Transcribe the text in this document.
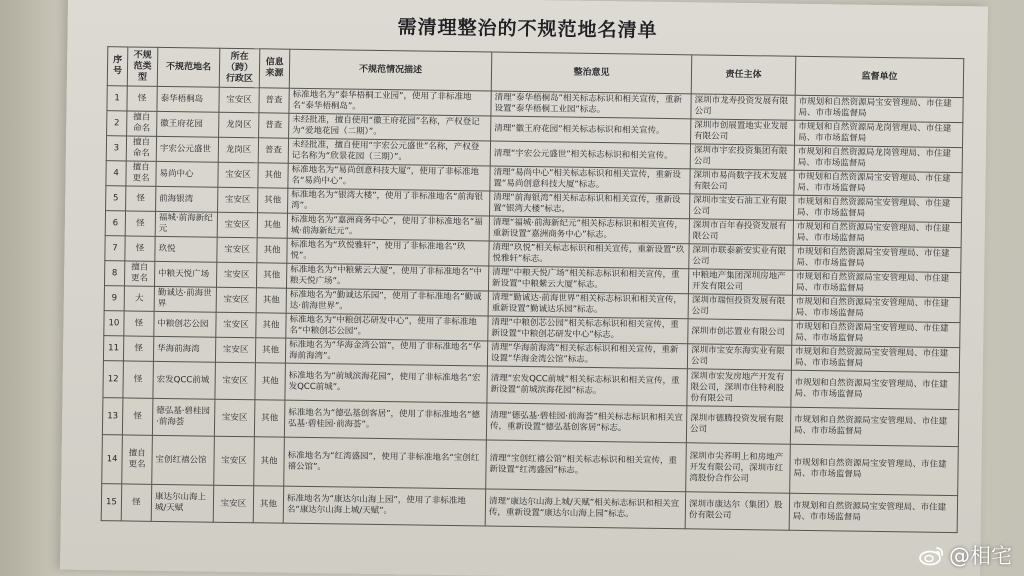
需清理整治的不规范地名清单
序号	不规范类型	不规范地名	所在（跨）行政区	信息来源	不规范情况描述	整治意见	责任主体	监督单位
1	怪	泰华梧桐岛	宝安区	普查	标准地名为“泰华梧桐工业园”，使用了非标准地名“泰华梧桐岛”。	清理“泰华梧桐岛”相关标志标识和相关宣传，重新设置“泰华梧桐工业园”标志。	深圳市龙寿投资发展有限公司	市规划和自然资源局宝安管理局、市住建局、市市场监督局
2	擅自命名	徽王府花园	龙岗区	普查	未经批准，擅自使用“徽王府花园”名称，产权登记为“爱地花园（二期）”。	清理“徽王府花园”相关标志标识和相关宣传。	深圳市创展置地实业发展有限公司	市规划和自然资源局龙岗管理局、市住建局、市市场监督局
3	擅自命名	宇宏公元盛世	龙岗区	普查	未经批准，擅自使用“宇宏公元盛世”名称，产权登记名称为“欣景花园（三期）”。	清理“宇宏公元盛世”相关标志标识和相关宣传。	深圳市宇宏投资集团有限公司	市规划和自然资源局龙岗管理局、市住建局、市市场监督局
4	擅自更名	易尚中心	宝安区	其他	标准地名为“易尚创意科技大厦”，使用了非标准地名“易尚中心”。	清理“易尚中心”相关标志标识和相关宣传，重新设置“易尚创意科技大厦”标志。	深圳市易尚数字技术发展有限公司	市规划和自然资源局宝安管理局、市住建局、市市场监督局
5	怪	前海银湾	宝安区	其他	标准地名为“银湾大楼”，使用了非标准地名“前海银湾”。	清理“前海银湾”相关标志标识和相关宣传，重新设置“银湾大楼”标志。	深圳市宝安石油工业有限公司	市规划和自然资源局宝安管理局、市住建局、市市场监督局
6	怪	福城·前海新纪元	宝安区	其他	标准地名为“嘉洲商务中心”，使用了非标准地名“福城·前海新纪元”。	清理“福城·前海新纪元”相关标志标识和相关宣传，重新设置“嘉洲商务中心”标志。	深圳市百年春投资发展有限公司	市规划和自然资源局宝安管理局、市住建局、市市场监督局
7	怪	玖悦	宝安区	其他	标准地名为“玖悦雅轩”，使用了非标准地名“玖悦”。	清理“玖悦”相关标志标识和相关宣传，重新设置“玖悦雅轩”标志。	深圳市联泰新安实业有限公司	市规划和自然资源局宝安管理局、市住建局、市市场监督局
8	擅自更名	中粮天悦广场	宝安区	其他	标准地名为“中粮紫云大厦”，使用了非标准地名“中粮天悦广场”。	清理“中粮天悦广场”相关标志标识和相关宣传，重新设置“中粮紫云大厦”标志。	中粮地产集团深圳房地产开发有限公司	市规划和自然资源局宝安管理局、市住建局、市市场监督局
9	大	勤诚达·前海世界	宝安区	其他	标准地名为“勤诚达乐园”，使用了非标准地名“勤诚达·前海世界”。	清理“勤诚达·前海世界”相关标志标识和相关宣传，重新设置“勤诚达乐园”标志。	深圳市瑞恒投资发展有限公司	市规划和自然资源局宝安管理局、市住建局、市市场监督局
10	怪	中粮创芯公园	宝安区	其他	标准地名为“中粮创芯研发中心”，使用了非标准地名“中粮创芯公园”。	清理“中粮创芯公园”相关标志标识和相关宣传，重新设置“中粮创芯研发中心”标志。	深圳市创芯置业有限公司	市规划和自然资源局宝安管理局、市住建局、市市场监督局
11	怪	华海前海湾	宝安区	其他	标准地名为“华海金湾公馆”，使用了非标准地名“华海前海湾”。	清理“华海前海湾”相关标志标识和相关宣传，重新设置“华海金湾公馆”标志。	深圳市宝安东海实业有限公司	市规划和自然资源局宝安管理局、市住建局、市市场监督局
12	怪	宏发QCC前城	宝安区	其他	标准地名为“前城滨海花园”，使用了非标准地名“宏发QCC前城”。	清理“宏发QCC前城”相关标志标识和相关宣传，重新设置“前城滨海花园”标志。	深圳市宏发房地产开发有限公司，深圳市住特利股份有限公司	市规划和自然资源局宝安管理局、市住建局、市市场监督局
13	怪	德弘基·碧桂园·前海荟	宝安区	其他	标准地名为“德弘基创客居”，使用了非标准地名“德弘基·碧桂园·前海荟”。	清理“德弘基·碧桂园·前海荟”相关标志标识和相关宣传，重新设置“德弘基创客居”标志。	深圳市德腾投资发展有限公司	市规划和自然资源局宝安管理局、市住建局、市市场监督局
14	擅自更名	宝创红禧公馆	宝安区	其他	标准地名为“红湾盛园”，使用了非标准地名“宝创红禧公馆”。	清理“宝创红禧公馆”相关标志标识和相关宣传，重新设置“红湾盛园”标志。	深圳市尖荞明上和房地产开发有限公司，深圳市红湾股份合作公司	市规划和自然资源局宝安管理局、市住建局、市市场监督局
15	怪	康达尔山海上城/天赋	宝安区	其他	标准地名为“康达尔山海上园”，使用了非标准地名“康达尔山海上城/天赋”。	清理“康达尔山海上城/天赋”相关标志标识和相关宣传，重新设置“康达尔山海上园”标志。	深圳市康达尔（集团）股份有限公司	市规划和自然资源局宝安管理局、市住建局、市市场监督局
@相宅
